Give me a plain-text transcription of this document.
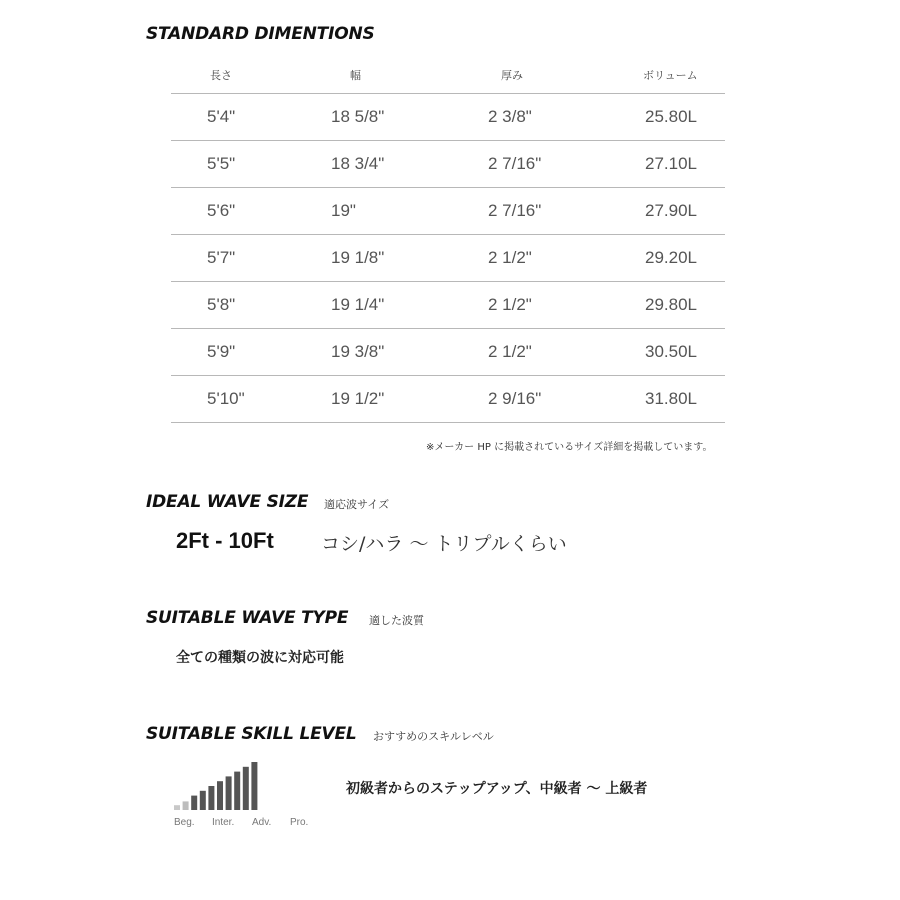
STANDARD DIMENTIONS
長さ	幅	厚み	ボリューム
5'4"	18 5/8"	2 3/8"	25.80L
5'5"	18 3/4"	2 7/16"	27.10L
5'6"	19"	2 7/16"	27.90L
5'7"	19 1/8"	2 1/2"	29.20L
5'8"	19 1/4"	2 1/2"	29.80L
5'9"	19 3/8"	2 1/2"	30.50L
5'10"	19 1/2"	2 9/16"	31.80L
※メーカー HP に掲載されているサイズ詳細を掲載しています。
IDEAL WAVE SIZE 適応波サイズ
2Ft - 10Ft コシ/ハラ 〜 トリプルくらい
SUITABLE WAVE TYPE 適した波質
全ての種類の波に対応可能
SUITABLE SKILL LEVEL おすすめのスキルレベル
Beg. Inter. Adv. Pro.
初級者からのステップアップ、中級者 〜 上級者
